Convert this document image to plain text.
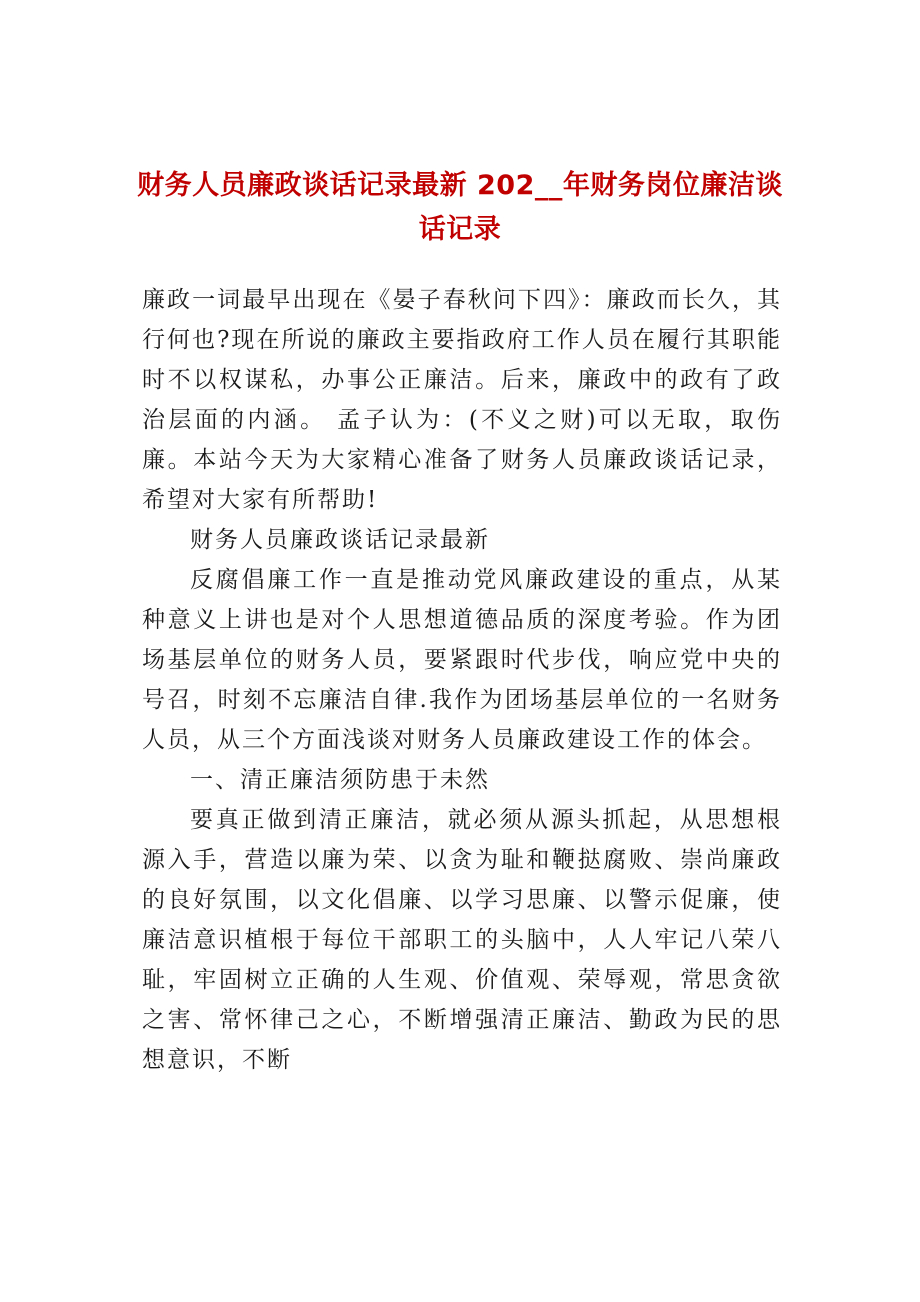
财务人员廉政谈话记录最新 202__年财务岗位廉洁谈话记录

廉政一词最早出现在《晏子春秋问下四》：廉政而长久，其行何也?现在所说的廉政主要指政府工作人员在履行其职能时不以权谋私，办事公正廉洁。后来，廉政中的政有了政治层面的内涵。 孟子认为：(不义之财)可以无取，取伤廉。本站今天为大家精心准备了财务人员廉政谈话记录，希望对大家有所帮助!

财务人员廉政谈话记录最新

反腐倡廉工作一直是推动党风廉政建设的重点，从某种意义上讲也是对个人思想道德品质的深度考验。作为团场基层单位的财务人员，要紧跟时代步伐，响应党中央的号召，时刻不忘廉洁自律.我作为团场基层单位的一名财务人员，从三个方面浅谈对财务人员廉政建设工作的体会。

一、清正廉洁须防患于未然

要真正做到清正廉洁，就必须从源头抓起，从思想根源入手，营造以廉为荣、以贪为耻和鞭挞腐败、崇尚廉政的良好氛围，以文化倡廉、以学习思廉、以警示促廉，使廉洁意识植根于每位干部职工的头脑中，人人牢记八荣八耻，牢固树立正确的人生观、价值观、荣辱观，常思贪欲之害、常怀律己之心，不断增强清正廉洁、勤政为民的思想意识，不断
